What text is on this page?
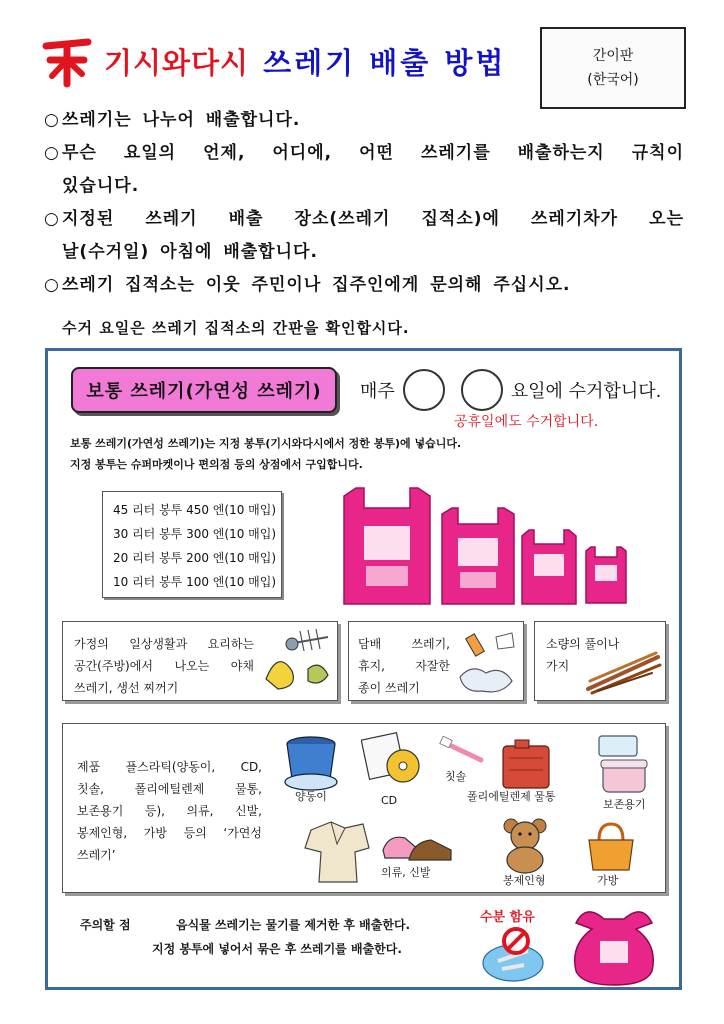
기시와다시 쓰레기 배출 방법	간이판
(한국어)
○ 쓰레기는 나누어 배출합니다.
○ 무슨 요일의 언제, 어디에, 어떤 쓰레기를 배출하는지 규칙이
있습니다.
○ 지정된 쓰레기 배출 장소(쓰레기 집적소)에 쓰레기차가 오는
날(수거일) 아침에 배출합니다.
○ 쓰레기 집적소는 이웃 주민이나 집주인에게 문의해 주십시오.
수거 요일은 쓰레기 집적소의 간판을 확인합시다.
보통 쓰레기(가연성 쓰레기)	매주	요일에 수거합니다.
공휴일에도 수거합니다.
보통 쓰레기(가연성 쓰레기)는 지정 봉투(기시와다시에서 정한 봉투)에 넣습니다.
지정 봉투는 슈퍼마켓이나 편의점 등의 상점에서 구입합니다.
45 리터 봉투 450 엔(10 매입)
30 리터 봉투 300 엔(10 매입)
20 리터 봉투 200 엔(10 매입)
10 리터 봉투 100 엔(10 매입)
가정의 일상생활과 요리하는
공간(주방)에서 나오는 야채
쓰레기, 생선 찌꺼기
담배 쓰레기,
휴지, 자잘한
종이 쓰레기
소량의 풀이나
가지
제품 플스라틱(양동이, CD,
칫솔, 폴리에틸렌제 물통,
보존용기 등), 의류, 신발,
봉제인형, 가방 등의 ‘가연성
쓰레기’
양동이	CD
칫솔
폴리에틸렌제 물통
보존용기
의류, 신발
봉제인형	가방
주의할 점	음식물 쓰레기는 물기를 제거한 후 배출한다.
지정 봉투에 넣어서 묶은 후 쓰레기를 배출한다.
수분 함유
